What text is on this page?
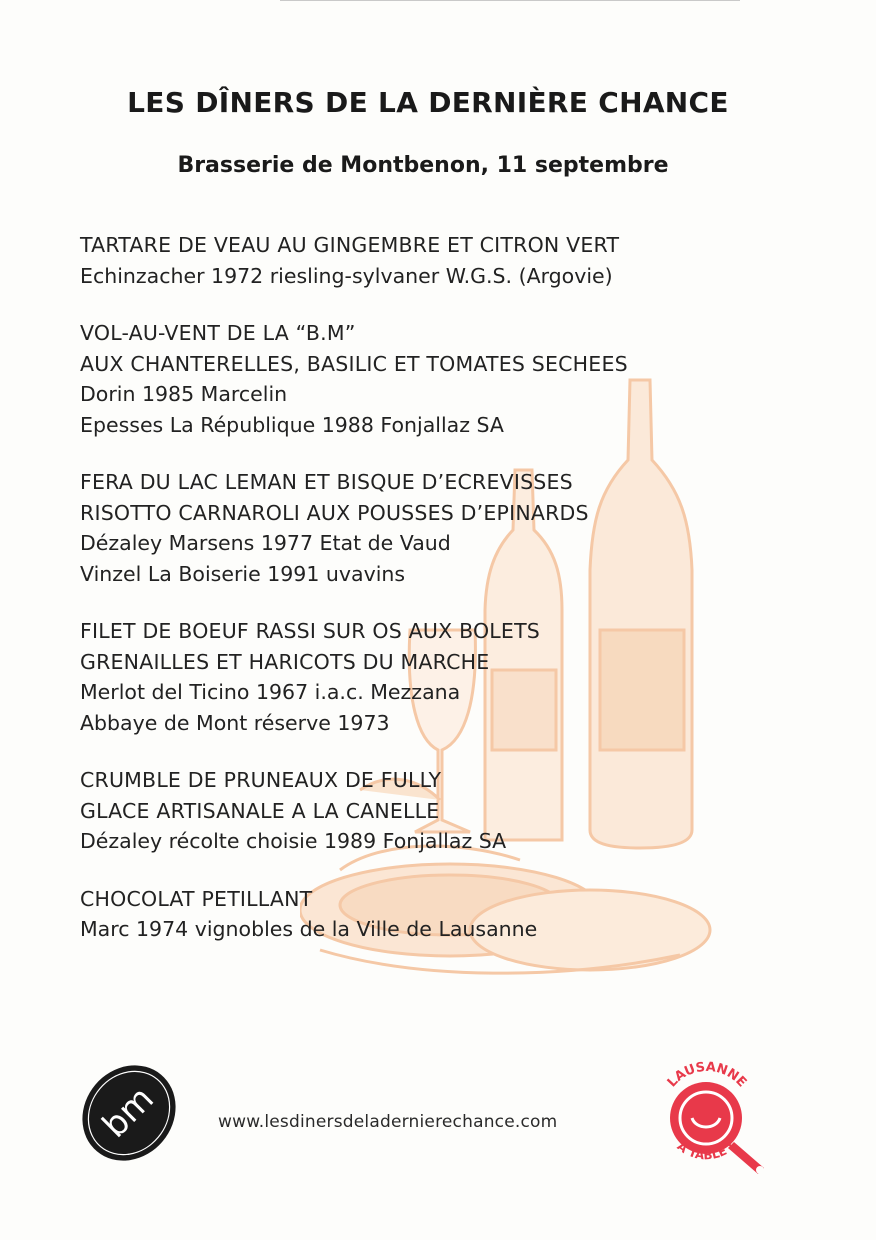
LES DÎNERS DE LA DERNIÈRE CHANCE
Brasserie de Montbenon, 11 septembre
TARTARE DE VEAU AU GINGEMBRE ET CITRON VERT
Echinzacher 1972 riesling-sylvaner W.G.S. (Argovie)
VOL-AU-VENT DE LA “B.M”
AUX CHANTERELLES, BASILIC ET TOMATES SECHEES
Dorin 1985 Marcelin
Epesses La République 1988 Fonjallaz SA
FERA DU LAC LEMAN ET BISQUE D’ECREVISSES
RISOTTO CARNAROLI AUX POUSSES D’EPINARDS
Dézaley Marsens 1977 Etat de Vaud
Vinzel La Boiserie 1991 uvavins
FILET DE BOEUF RASSI SUR OS AUX BOLETS
GRENAILLES ET HARICOTS DU MARCHE
Merlot del Ticino 1967 i.a.c. Mezzana
Abbaye de Mont réserve 1973
CRUMBLE DE PRUNEAUX DE FULLY
GLACE ARTISANALE A LA CANELLE
Dézaley récolte choisie 1989 Fonjallaz SA
CHOCOLAT PETILLANT
Marc 1974 vignobles de la Ville de Lausanne
bm	www.lesdinersdeladernierechance.com
LAUSANNE
À TABLE !
